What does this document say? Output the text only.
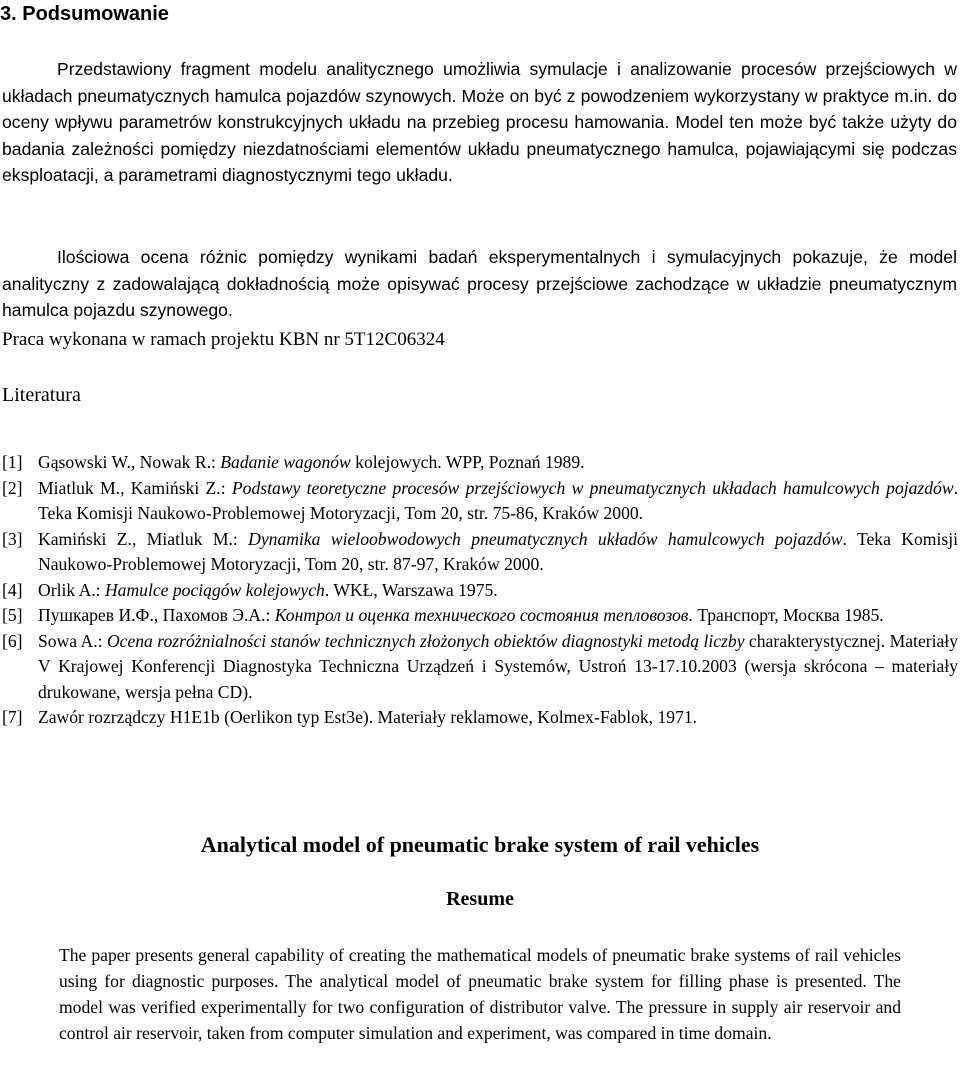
3. Podsumowanie
Przedstawiony fragment modelu analitycznego umożliwia symulacje i analizowanie procesów przejściowych w układach pneumatycznych hamulca pojazdów szynowych. Może on być z powodzeniem wykorzystany w praktyce m.in. do oceny wpływu parametrów konstrukcyjnych układu na przebieg procesu hamowania. Model ten może być także użyty do badania zależności pomiędzy niezdatnościami elementów układu pneumatycznego hamulca, pojawiającymi się podczas eksploatacji, a parametrami diagnostycznymi tego układu.
Ilościowa ocena różnic pomiędzy wynikami badań eksperymentalnych i symulacyjnych pokazuje, że model analityczny z zadowalającą dokładnością może opisywać procesy przejściowe zachodzące w układzie pneumatycznym hamulca pojazdu szynowego.
Praca wykonana w ramach projektu KBN nr 5T12C06324
Literatura
[1] Gąsowski W., Nowak R.: Badanie wagonów kolejowych. WPP, Poznań 1989.
[2] Miatluk M., Kamiński Z.: Podstawy teoretyczne procesów przejściowych w pneumatycznych układach hamulcowych pojazdów. Teka Komisji Naukowo-Problemowej Motoryzacji, Tom 20, str. 75-86, Kraków 2000.
[3] Kamiński Z., Miatluk M.: Dynamika wieloobwodowych pneumatycznych układów hamulcowych pojazdów. Teka Komisji Naukowo-Problemowej Motoryzacji, Tom 20, str. 87-97, Kraków 2000.
[4] Orlik A.: Hamulce pociągów kolejowych. WKŁ, Warszawa 1975.
[5] Пушкарев И.Ф., Пахомов Э.А.: Контрол и оценка технического состояния тепловозов. Транспорт, Москва 1985.
[6] Sowa A.: Ocena rozróżnialności stanów technicznych złożonych obiektów diagnostyki metodą liczby charakterystycznej. Materiały V Krajowej Konferencji Diagnostyka Techniczna Urządzeń i Systemów, Ustroń 13-17.10.2003 (wersja skrócona – materiały drukowane, wersja pełna CD).
[7] Zawór rozrządczy H1E1b (Oerlikon typ Est3e). Materiały reklamowe, Kolmex-Fablok, 1971.
Analytical model of pneumatic brake system of rail vehicles
Resume
The paper presents general capability of creating the mathematical models of pneumatic brake systems of rail vehicles using for diagnostic purposes. The analytical model of pneumatic brake system for filling phase is presented. The model was verified experimentally for two configuration of distributor valve. The pressure in supply air reservoir and control air reservoir, taken from computer simulation and experiment, was compared in time domain.
